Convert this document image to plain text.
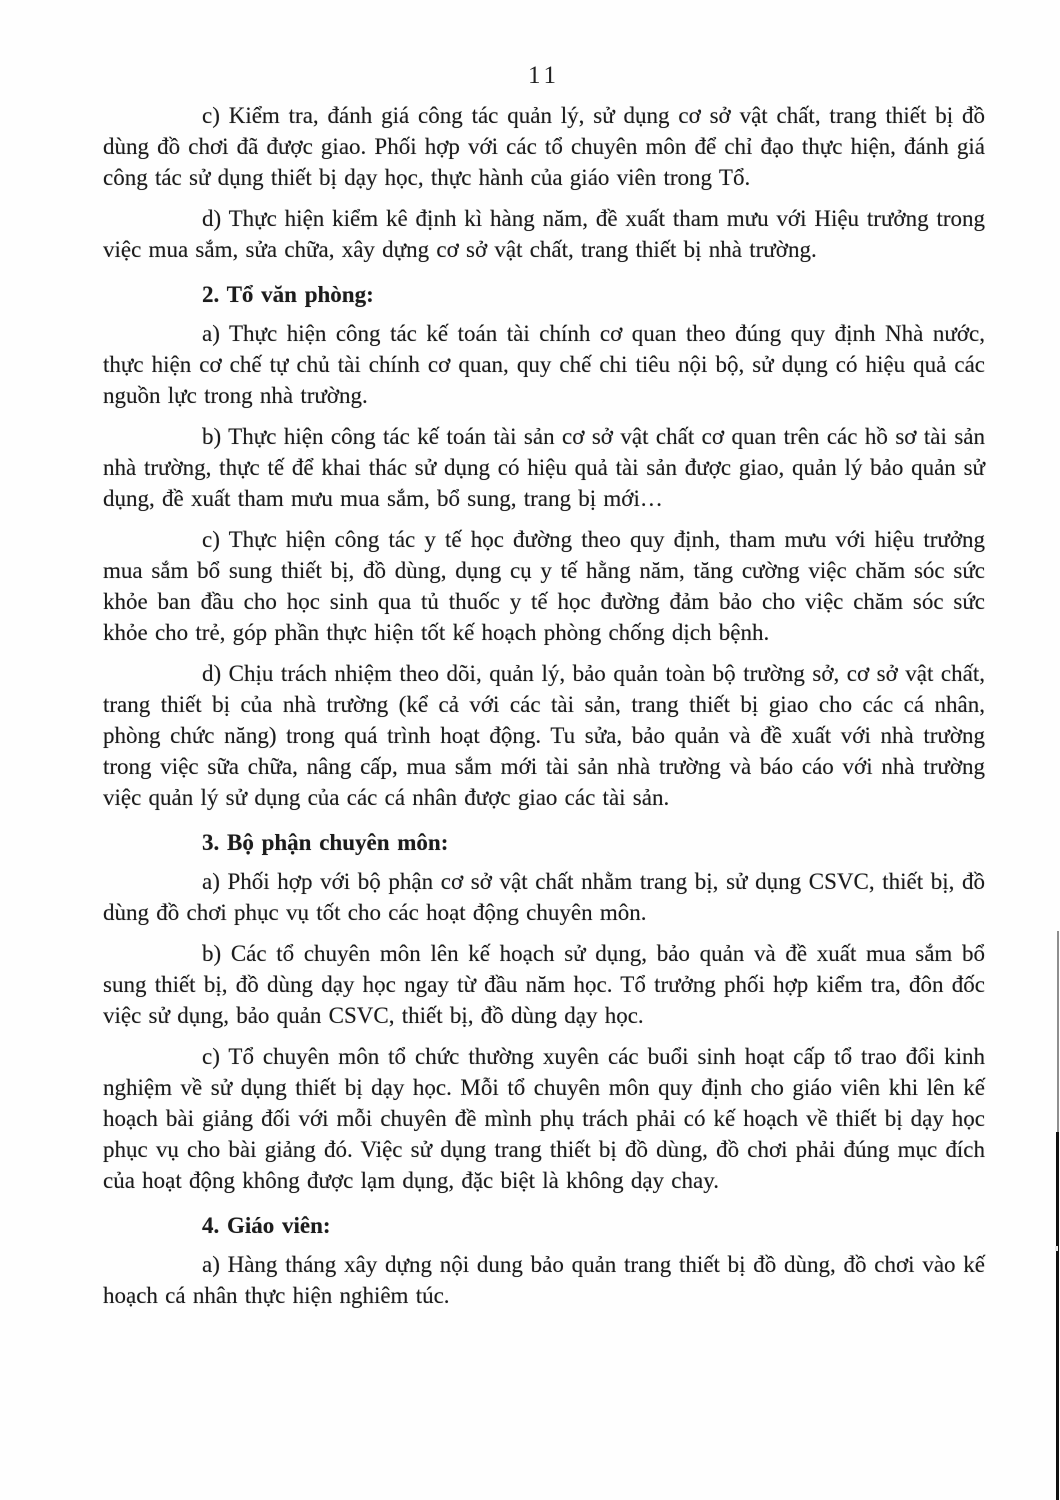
11

c) Kiểm tra, đánh giá công tác quản lý, sử dụng cơ sở vật chất, trang thiết bị đồ dùng đồ chơi đã được giao. Phối hợp với các tổ chuyên môn để chỉ đạo thực hiện, đánh giá công tác sử dụng thiết bị dạy học, thực hành của giáo viên trong Tổ.

d) Thực hiện kiểm kê định kì hàng năm, đề xuất tham mưu với Hiệu trưởng trong việc mua sắm, sửa chữa, xây dựng cơ sở vật chất, trang thiết bị nhà trường.

2. Tổ văn phòng:

a) Thực hiện công tác kế toán tài chính cơ quan theo đúng quy định Nhà nước, thực hiện cơ chế tự chủ tài chính cơ quan, quy chế chi tiêu nội bộ, sử dụng có hiệu quả các nguồn lực trong nhà trường.

b) Thực hiện công tác kế toán tài sản cơ sở vật chất cơ quan trên các hồ sơ tài sản nhà trường, thực tế để khai thác sử dụng có hiệu quả tài sản được giao, quản lý bảo quản sử dụng, đề xuất tham mưu mua sắm, bổ sung, trang bị mới…

c) Thực hiện công tác y tế học đường theo quy định, tham mưu với hiệu trưởng mua sắm bổ sung thiết bị, đồ dùng, dụng cụ y tế hằng năm, tăng cường việc chăm sóc sức khỏe ban đầu cho học sinh qua tủ thuốc y tế học đường đảm bảo cho việc chăm sóc sức khỏe cho trẻ, góp phần thực hiện tốt kế hoạch phòng chống dịch bệnh.

d) Chịu trách nhiệm theo dõi, quản lý, bảo quản toàn bộ trường sở, cơ sở vật chất, trang thiết bị của nhà trường (kể cả với các tài sản, trang thiết bị giao cho các cá nhân, phòng chức năng) trong quá trình hoạt động. Tu sửa, bảo quản và đề xuất với nhà trường trong việc sữa chữa, nâng cấp, mua sắm mới tài sản nhà trường và báo cáo với nhà trường việc quản lý sử dụng của các cá nhân được giao các tài sản.

3. Bộ phận chuyên môn:

a) Phối hợp với bộ phận cơ sở vật chất nhằm trang bị, sử dụng CSVC, thiết bị, đồ dùng đồ chơi phục vụ tốt cho các hoạt động chuyên môn.

b) Các tổ chuyên môn lên kế hoạch sử dụng, bảo quản và đề xuất mua sắm bổ sung thiết bị, đồ dùng dạy học ngay từ đầu năm học. Tổ trưởng phối hợp kiểm tra, đôn đốc việc sử dụng, bảo quản CSVC, thiết bị, đồ dùng dạy học.

c) Tổ chuyên môn tổ chức thường xuyên các buổi sinh hoạt cấp tổ trao đổi kinh nghiệm về sử dụng thiết bị dạy học. Mỗi tổ chuyên môn quy định cho giáo viên khi lên kế hoạch bài giảng đối với mỗi chuyên đề mình phụ trách phải có kế hoạch về thiết bị dạy học phục vụ cho bài giảng đó. Việc sử dụng trang thiết bị đồ dùng, đồ chơi phải đúng mục đích của hoạt động không được lạm dụng, đặc biệt là không dạy chay.

4. Giáo viên:

a) Hàng tháng xây dựng nội dung bảo quản trang thiết bị đồ dùng, đồ chơi vào kế hoạch cá nhân thực hiện nghiêm túc.
